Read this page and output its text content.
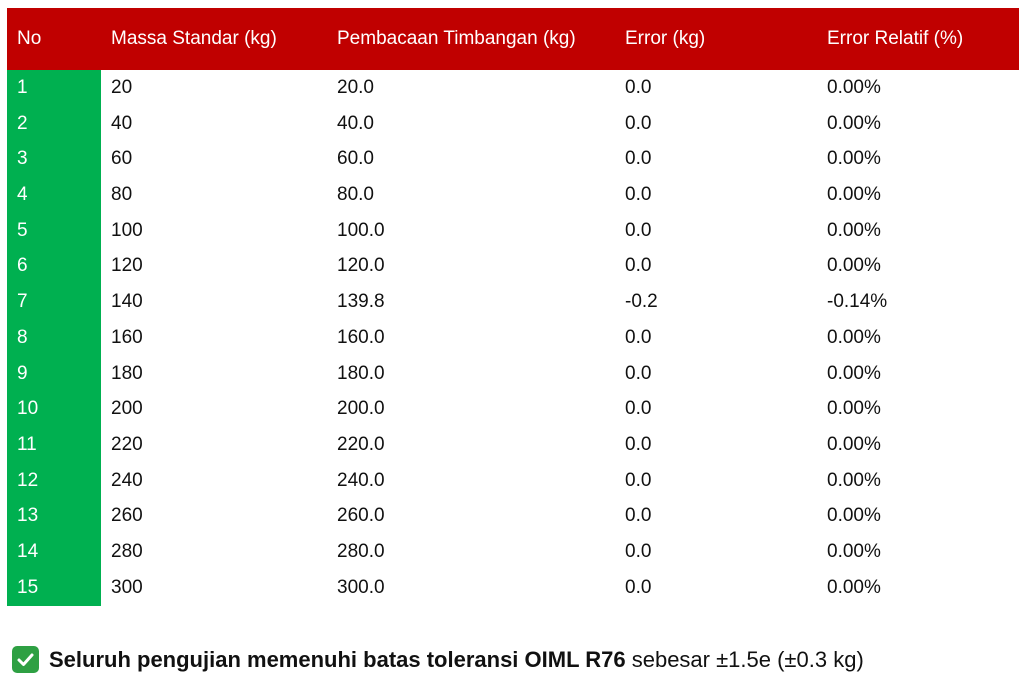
No	Massa Standar (kg)	Pembacaan Timbangan (kg)	Error (kg)	Error Relatif (%)
1	20	20.0	0.0	0.00%
2	40	40.0	0.0	0.00%
3	60	60.0	0.0	0.00%
4	80	80.0	0.0	0.00%
5	100	100.0	0.0	0.00%
6	120	120.0	0.0	0.00%
7	140	139.8	-0.2	-0.14%
8	160	160.0	0.0	0.00%
9	180	180.0	0.0	0.00%
10	200	200.0	0.0	0.00%
11	220	220.0	0.0	0.00%
12	240	240.0	0.0	0.00%
13	260	260.0	0.0	0.00%
14	280	280.0	0.0	0.00%
15	300	300.0	0.0	0.00%
Seluruh pengujian memenuhi batas toleransi OIML R76 sebesar ±1.5e (±0.3 kg)
